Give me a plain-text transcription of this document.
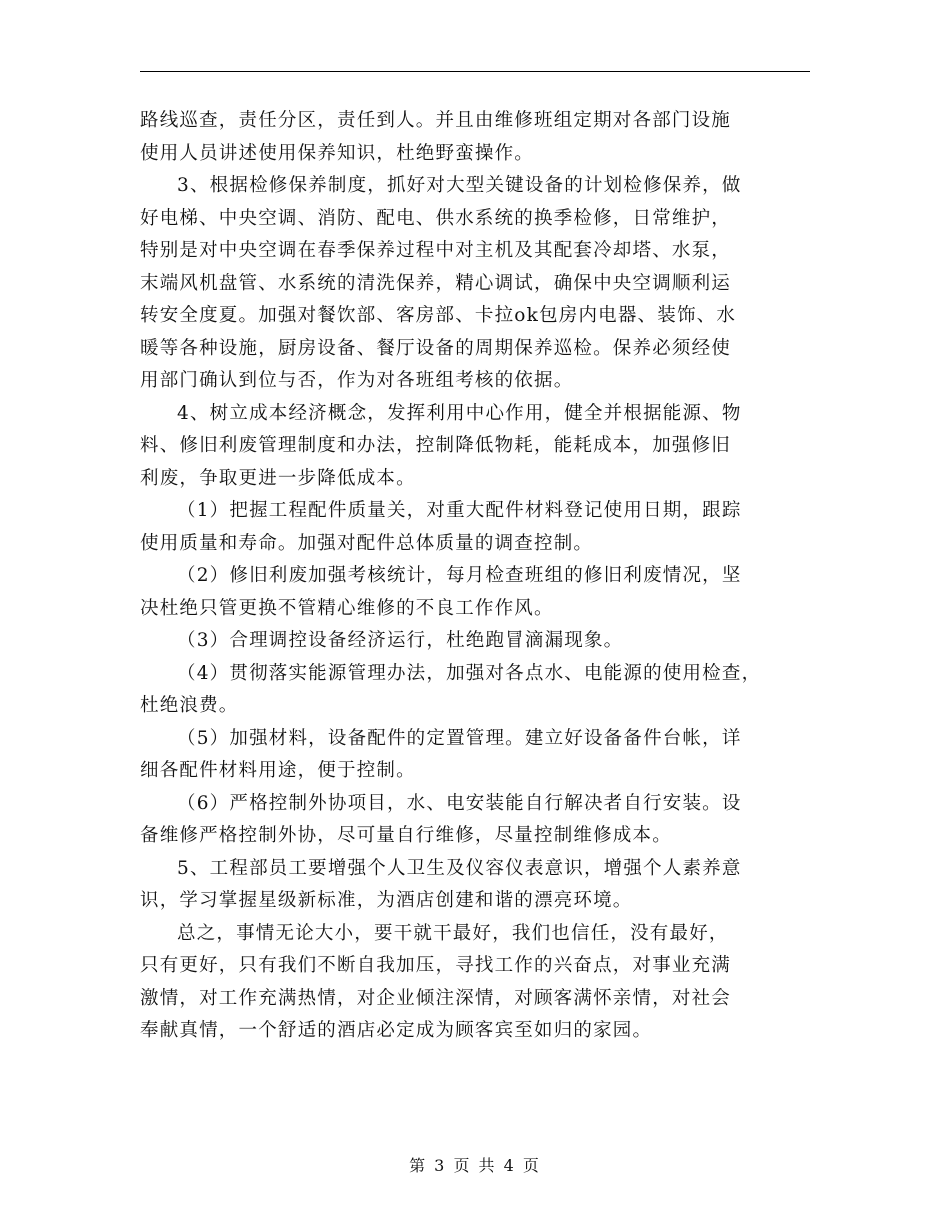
路线巡查，责任分区，责任到人。并且由维修班组定期对各部门设施
使用人员讲述使用保养知识，杜绝野蛮操作。

3、根据检修保养制度，抓好对大型关键设备的计划检修保养，做
好电梯、中央空调、消防、配电、供水系统的换季检修，日常维护，
特别是对中央空调在春季保养过程中对主机及其配套冷却塔、水泵，
末端风机盘管、水系统的清洗保养，精心调试，确保中央空调顺利运
转安全度夏。加强对餐饮部、客房部、卡拉ok包房内电器、装饰、水
暖等各种设施，厨房设备、餐厅设备的周期保养巡检。保养必须经使
用部门确认到位与否，作为对各班组考核的依据。

4、树立成本经济概念，发挥利用中心作用，健全并根据能源、物
料、修旧利废管理制度和办法，控制降低物耗，能耗成本，加强修旧
利废，争取更进一步降低成本。

（1）把握工程配件质量关，对重大配件材料登记使用日期，跟踪
使用质量和寿命。加强对配件总体质量的调查控制。

（2）修旧利废加强考核统计，每月检查班组的修旧利废情况，坚
决杜绝只管更换不管精心维修的不良工作作风。

（3）合理调控设备经济运行，杜绝跑冒滴漏现象。

（4）贯彻落实能源管理办法，加强对各点水、电能源的使用检查，
杜绝浪费。

（5）加强材料，设备配件的定置管理。建立好设备备件台帐，详
细各配件材料用途，便于控制。

（6）严格控制外协项目，水、电安装能自行解决者自行安装。设
备维修严格控制外协，尽可量自行维修，尽量控制维修成本。

5、工程部员工要增强个人卫生及仪容仪表意识，增强个人素养意
识，学习掌握星级新标准，为酒店创建和谐的漂亮环境。

总之，事情无论大小，要干就干最好，我们也信任，没有最好，
只有更好，只有我们不断自我加压，寻找工作的兴奋点，对事业充满
激情，对工作充满热情，对企业倾注深情，对顾客满怀亲情，对社会
奉献真情，一个舒适的酒店必定成为顾客宾至如归的家园。

第 3 页 共 4 页
